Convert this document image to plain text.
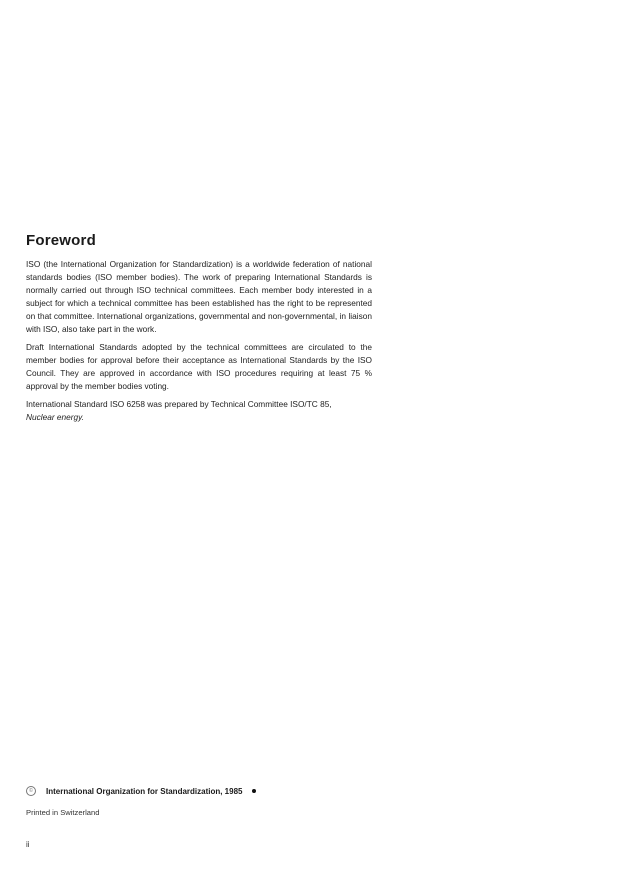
Foreword

ISO (the International Organization for Standardization) is a worldwide federation of national standards bodies (ISO member bodies). The work of preparing International Standards is normally carried out through ISO technical committees. Each member body interested in a subject for which a technical committee has been established has the right to be represented on that committee. International organizations, governmental and non-governmental, in liaison with ISO, also take part in the work.

Draft International Standards adopted by the technical committees are circulated to the member bodies for approval before their acceptance as International Standards by the ISO Council. They are approved in accordance with ISO procedures requiring at least 75 % approval by the member bodies voting.

International Standard ISO 6258 was prepared by Technical Committee ISO/TC 85,
Nuclear energy.

©	International Organization for Standardization, 1985
Printed in Switzerland
ii
